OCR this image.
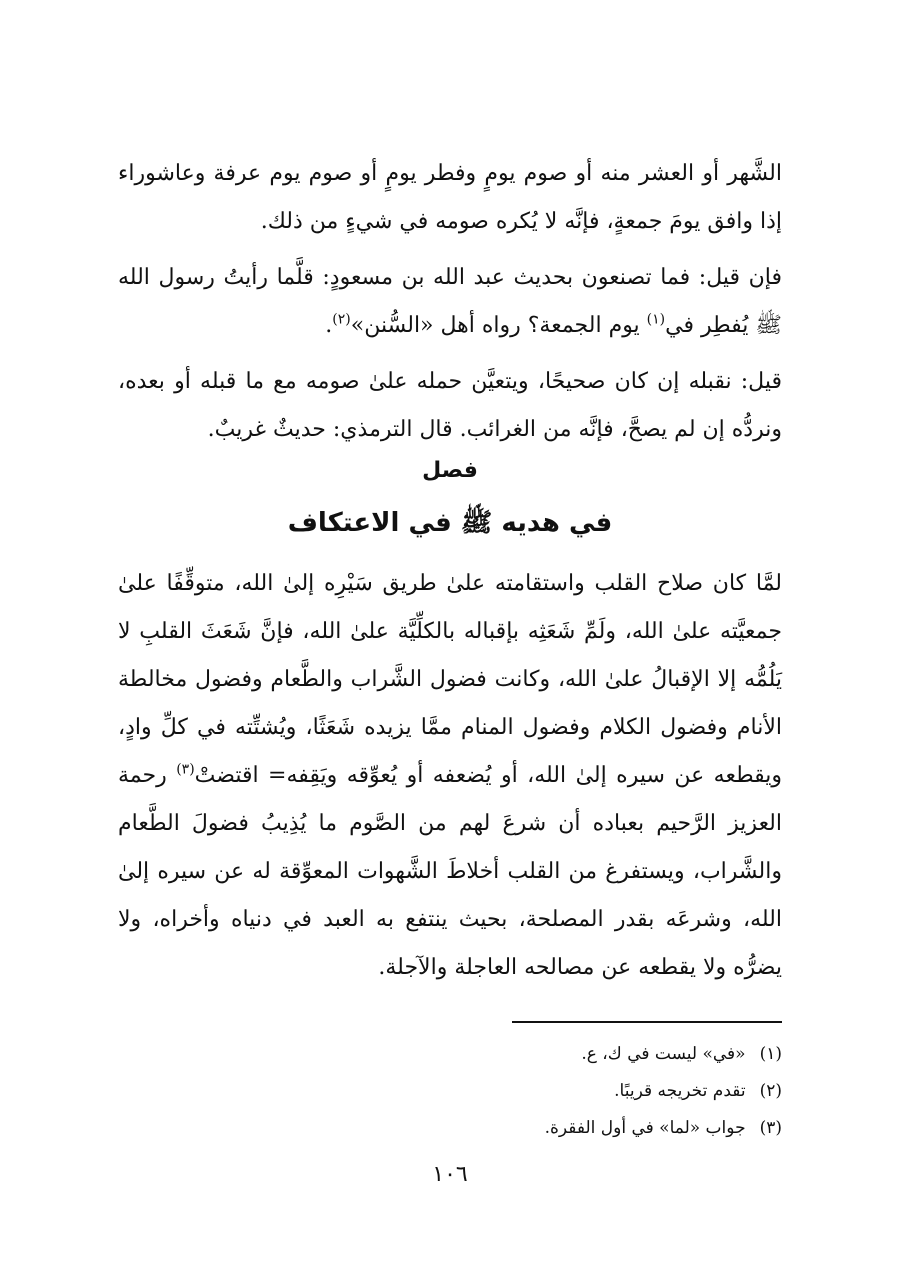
الشَّهر أو العشر منه أو صوم يومٍ وفطر يومٍ أو صوم يوم عرفة وعاشوراء إذا وافق يومَ جمعةٍ، فإنَّه لا يُكره صومه في شيءٍ من ذلك.

فإن قيل: فما تصنعون بحديث عبد الله بن مسعودٍ: قلَّما رأيتُ رسول الله ﷺ يُفطِر في$^{(١)}$ يوم الجمعة؟ رواه أهل «السُّنن»$^{(٢)}$.

قيل: نقبله إن كان صحيحًا، ويتعيَّن حمله علىٰ صومه مع ما قبله أو بعده، ونردُّه إن لم يصحَّ، فإنَّه من الغرائب. قال الترمذي: حديثٌ غريبٌ.

فصل
في هديه ﷺ في الاعتكاف

لمَّا كان صلاح القلب واستقامته علىٰ طريق سَيْرِه إلىٰ الله، متوقِّفًا علىٰ جمعيَّته علىٰ الله، ولَمِّ شَعَثِه بإقباله بالكلِّيَّة علىٰ الله، فإنَّ شَعَثَ القلبِ لا يَلُمُّه إلا الإقبالُ علىٰ الله، وكانت فضول الشَّراب والطَّعام وفضول مخالطة الأنام وفضول الكلام وفضول المنام ممَّا يزيده شَعَثًا، ويُشتِّته في كلِّ وادٍ، ويقطعه عن سيره إلىٰ الله، أو يُضعفه أو يُعوِّقه ويَقِفه= اقتضتْ$^{(٣)}$ رحمة العزيز الرَّحيم بعباده أن شرعَ لهم من الصَّوم ما يُذِيبُ فضولَ الطَّعام والشَّراب، ويستفرغ من القلب أخلاطَ الشَّهوات المعوِّقة له عن سيره إلىٰ الله، وشرعَه بقدر المصلحة، بحيث ينتفع به العبد في دنياه وأخراه، ولا يضرُّه ولا يقطعه عن مصالحه العاجلة والآجلة.

(١)«في» ليست في ك، ع.

(٢)تقدم تخريجه قريبًا.

(٣)جواب «لما» في أول الفقرة.

١٠٦
